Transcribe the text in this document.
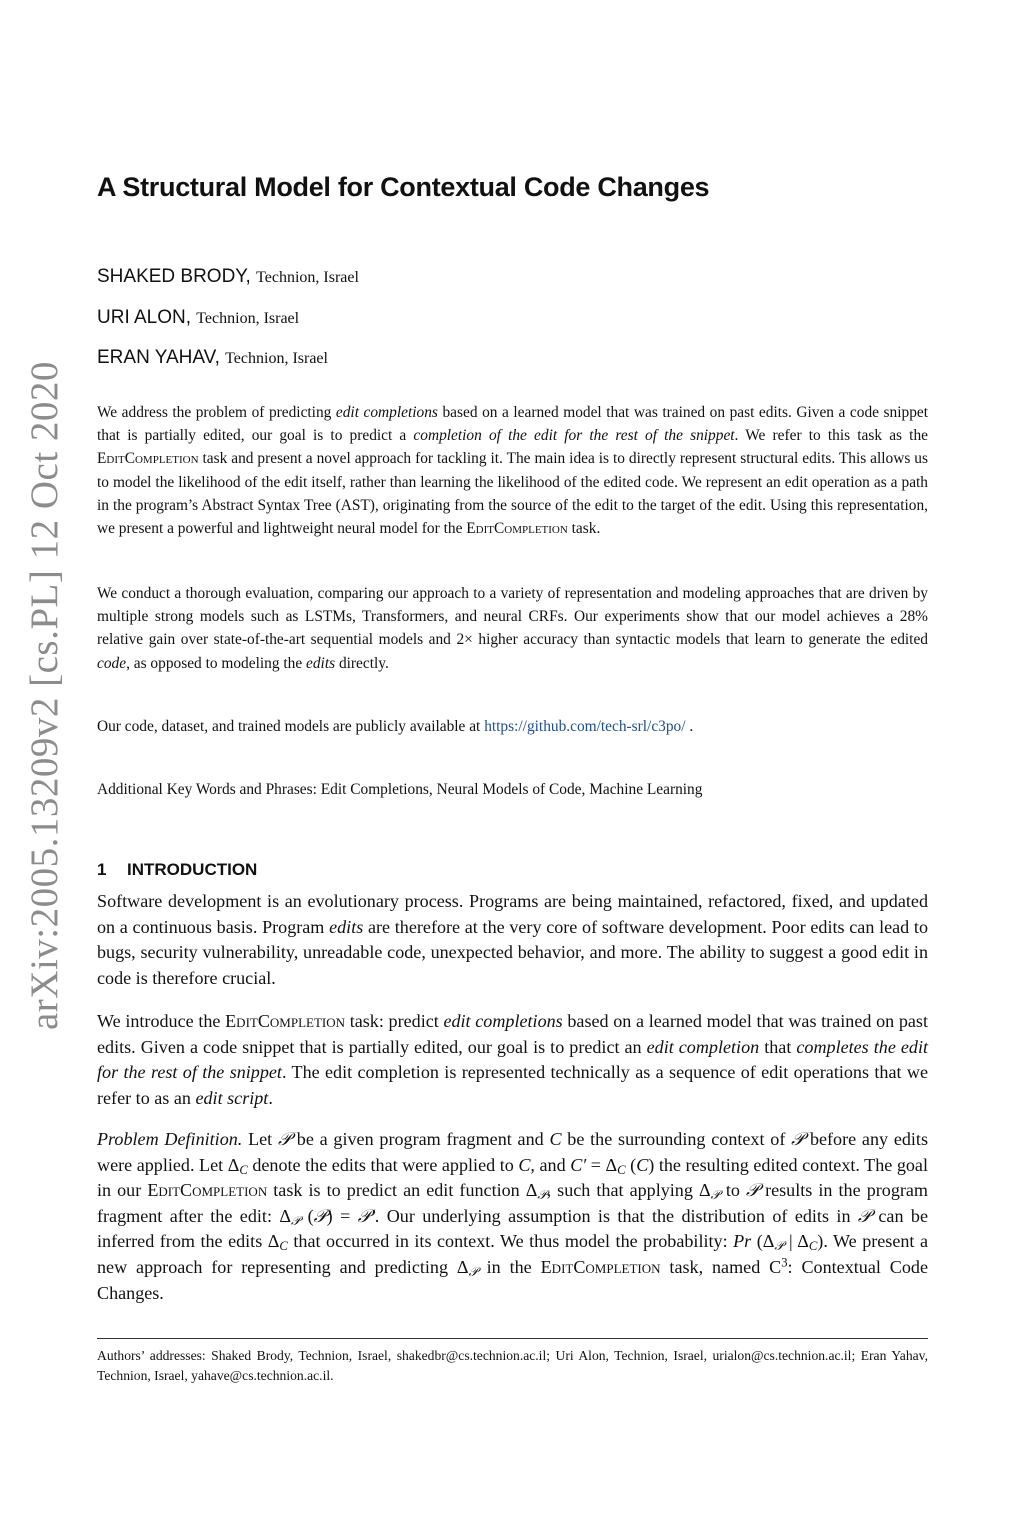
arXiv:2005.13209v2 [cs.PL] 12 Oct 2020
A Structural Model for Contextual Code Changes
SHAKED BRODY, Technion, Israel
URI ALON, Technion, Israel
ERAN YAHAV, Technion, Israel

We address the problem of predicting edit completions based on a learned model that was trained on past edits. Given a code snippet that is partially edited, our goal is to predict a completion of the edit for the rest of the snippet. We refer to this task as the EditCompletion task and present a novel approach for tackling it. The main idea is to directly represent structural edits. This allows us to model the likelihood of the edit itself, rather than learning the likelihood of the edited code. We represent an edit operation as a path in the program’s Abstract Syntax Tree (AST), originating from the source of the edit to the target of the edit. Using this representation, we present a powerful and lightweight neural model for the EditCompletion task.

We conduct a thorough evaluation, comparing our approach to a variety of representation and modeling approaches that are driven by multiple strong models such as LSTMs, Transformers, and neural CRFs. Our experiments show that our model achieves a 28% relative gain over state-of-the-art sequential models and 2× higher accuracy than syntactic models that learn to generate the edited code, as opposed to modeling the edits directly.

Our code, dataset, and trained models are publicly available at https://github.com/tech-srl/c3po/ .

Additional Key Words and Phrases: Edit Completions, Neural Models of Code, Machine Learning

1 INTRODUCTION

Software development is an evolutionary process. Programs are being maintained, refactored, fixed, and updated on a continuous basis. Program edits are therefore at the very core of software development. Poor edits can lead to bugs, security vulnerability, unreadable code, unexpected behavior, and more. The ability to suggest a good edit in code is therefore crucial.

We introduce the EditCompletion task: predict edit completions based on a learned model that was trained on past edits. Given a code snippet that is partially edited, our goal is to predict an edit completion that completes the edit for the rest of the snippet. The edit completion is represented technically as a sequence of edit operations that we refer to as an edit script.

Problem Definition. Let 𝒫 be a given program fragment and C be the surrounding context of 𝒫 before any edits were applied. Let $\Delta_C$ denote the edits that were applied to C, and $C' = \Delta_C$ (C) the resulting edited context. The goal in our EditCompletion task is to predict an edit function $\Delta_𝒫$, such that applying $\Delta_𝒫$ to 𝒫 results in the program fragment after the edit: $\Delta_𝒫$ (𝒫) = 𝒫′. Our underlying assumption is that the distribution of edits in 𝒫 can be inferred from the edits $\Delta_C$ that occurred in its context. We thus model the probability: Pr ($\Delta_𝒫$ | $\Delta_C$). We present a new approach for representing and predicting $\Delta_𝒫$ in the EditCompletion task, named $C^3$: Contextual Code Changes.

Authors’ addresses: Shaked Brody, Technion, Israel, shakedbr@cs.technion.ac.il; Uri Alon, Technion, Israel, urialon@cs.technion.ac.il; Eran Yahav, Technion, Israel, yahave@cs.technion.ac.il.
